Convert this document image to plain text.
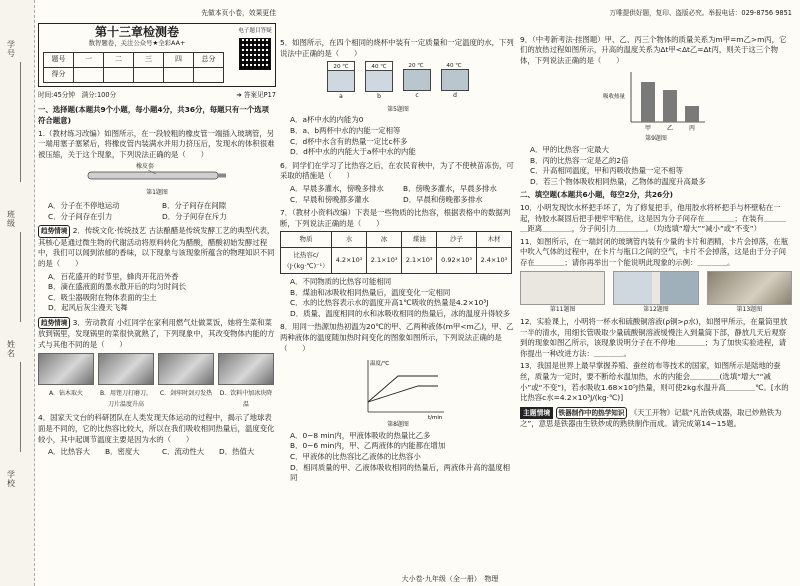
学号
班级
姓名
学校
先做本页小卷，效果更佳
第十三章检测卷
数智题卷，关注公众号★全彩AA+
题号	一	二	三	四	总分
得分					
电子题目答疑
时间:45分钟　满分:100分	➜ 答案见P17

一、选择题(本题共9个小题，每小题4分，共36分，每题只有一个选项符合题意)

1.（教材练习改编）如图所示，在一段较粗的橡皮管一端插入玻璃管，另一端用塞子塞紧后，将橡皮管内装满水并用力挤压后，发现水的体积很难被压缩，关于这个现象，下列说法正确的是（　　）

橡皮套
第1题图
A．分子在不停地运动	B．分子间存在间隙
C．分子间存在引力	D．分子间存在斥力

趋势情境 2．传统文化·传统技艺 古法酿醋是传统发酵工艺的典型代表，其核心是通过微生物的代谢活动将原料转化为醋酸，醋酸初始发酵过程中，我们可以闻到浓郁的香味，以下现象与该现象所蕴含的物理知识不同的是（　　）

A．百花盛开的时节里，蜂肉开花沿外香
B．滴在盛液面的墨水散开后的均匀时间长
C．吸尘器吸附在物体表面的尘土
D．起风后灰尘漫天飞舞

趋势情境 3．劳动教育 小红同学在家利用燃气灶做菜饭，她将生菜和菜放到锅里，发现锅里的菜很快就熟了，下列现象中，其改变物体内能的方式与其他不同的是（　　）

A．钻木取火	B．用锉刀打磨刀，刀片温度升高
C．剑牢时剑刃发热	D．饮料中加冰块降温

4．国家天文台的科研团队在人类发现天体运动的过程中，揭示了地球表面是不同的，它的比热容比较大，所以在我们吸收相同热量后，温度变化较小，其中起调节温度主要是因为水的（　　）

A．比热容大	B．密度大	C．流动性大	D．热值大

5．如图所示，在四个相同的烧杯中装有一定质量和一定温度的水，下列说法中正确的是（　　）

20 ℃
a
40 ℃
b
20 ℃
c
40 ℃
d
第5题图
A．a杯中水的内能为0
B．a、b两杯中水的内能一定相等
C．d杯中水含有的热量一定比c杯多
D．d杯中水的内能大于a杯中水的内能

6．同学们在学习了比热容之后，在农民育秧中，为了不使秧苗冻伤，可采取的措施是（　　）

A．早晨多灌水，傍晚多排水	B．傍晚多灌水，早晨多排水
C．早晨和傍晚都多灌水	D．早晨和傍晚都多排水

7．（教材小资料改编）下表是一些物质的比热容，根据表格中的数据判断，下列说法正确的是（　　）

物质	水	冰	煤油	沙子	木材
比热容c/（J·(kg·℃)⁻¹）	4.2×10³	2.1×10³	2.1×10³	0.92×10³	2.4×10³
A．不同物质的比热容可能相同
B．煤油和冰吸收相同热量后，温度变化一定相同
C．水的比热容表示水的温度升高1℃吸收的热量是4.2×10³J
D．质量、温度相同的水和冰吸收相同的热量后，冰的温度升得较多

8．用同一热源加热初温为20℃的甲、乙两种液体(m甲<m乙)，甲、乙两种液体的温度随加热时间变化的图象如图所示，下列说法正确的是（　　）

温度/℃
t/min
第8题图
A．0~8 min内，甲液体吸收的热量比乙多
B．0~6 min内，甲、乙两液体的内能都在增加
C．甲液体的比热容比乙液体的比热容小
D．相同质量的甲、乙液体吸收相同的热量后，两液体升高的温度相同
万唯提供好题，复印、盗版必究。举报电话：029-8756 9851

9．（中考新考法·挂图题）甲、乙、丙三个物体的质量关系为m甲=m乙>m丙，它们的放热过程如图所示，升高的温度关系为Δt甲<Δt乙=Δt丙，则关于这三个物体，下列说法正确的是（　　）

甲	乙	丙
吸收热量
第9题图
A．甲的比热容一定最大
B．丙的比热容一定是乙的2倍
C．升高相同温度，甲和丙吸收热量一定不相等
D．若三个物体吸收相同热量，乙物体的温度升高最多

二、填空题(本题共6小题，每空2分，共26分)

10．小明发现饮水杯把手坏了，为了修复把手，他用胶水将杯把手与杯壁粘在一起，待胶水凝固后把手便牢牢粘住，这是因为分子间存在＿＿＿＿；在装有＿＿＿＿距离＿＿＿＿，分子间引力＿＿＿＿。（均选填“增大”“减小”或“不变”）

11．如图所示，在一端封闭的玻璃管内装有少量的卡片和酒精，卡片会掉落，在瓶中吹入气体的过程中，在卡片与瓶口之间的空气，卡片不会掉落，这是由于分子间存在＿＿＿＿；请你再举出一个能说明此现象的示例：＿＿＿＿。

第11题图	第12题图	第13题图

12．实验课上，小明将一杯水和硫酸铜溶液(ρ铜>ρ水)，如图甲所示，在量筒里放一半的清水，用细长管吸取少量硫酸铜溶液缓慢注入到量筒下部，静放几天后观察到的现象如图乙所示，该现象说明分子在不停地＿＿＿＿；为了加快实验进程，请你提出一种改进方法：＿＿＿＿。

13．我国是世界上最早掌握养殖、蚕丝纺布等技术的国家，如图所示是陆地的蚕丝，质量为一定时，要不断给水温加热，水的内能会＿＿＿＿(选填“增大”“减小”或“不变”)，若水吸收1.68×10⁵J热量，则可使2kg水温升高＿＿＿＿℃。[水的比热容c水=4.2×10³J/(kg·℃)]

主题情境 铁器制作中的热学知识 《天工开物》记载“凡治铁成器，取已炒熟铁为之”，意思是铁器由生铁炒成的熟铁制作而成。请完成第14~15题。

大小卷·九年级（全一册）　物理
